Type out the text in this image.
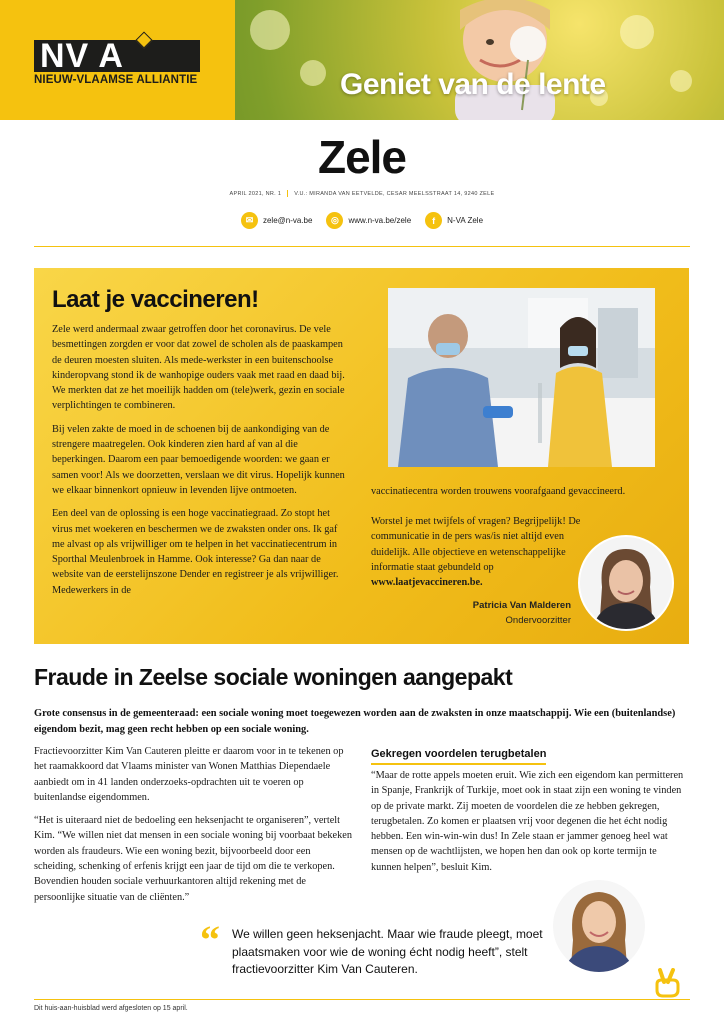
NV A
NIEUW-VLAAMSE ALLIANTIE	Geniet van de lente
Zele
APRIL 2021, NR. 1 V.U.: MIRANDA VAN EETVELDE, CESAR MEELSSTRAAT 14, 9240 ZELE
✉	zele@n-va.be	◎	www.n-va.be/zele	f	N-VA Zele
Laat je vaccineren!

Zele werd andermaal zwaar getroffen door het coronavirus. De vele besmettingen zorgden er voor dat zowel de scholen als de paaskampen de deuren moesten sluiten. Als mede-werkster in een buitenschoolse kinderopvang stond ik de wanhopige ouders vaak met raad en daad bij. We merkten dat ze het moeilijk hadden om (tele)werk, gezin en sociale verplichtingen te combineren.

Bij velen zakte de moed in de schoenen bij de aankondiging van de strengere maatregelen. Ook kinderen zien hard af van al die beperkingen. Daarom een paar bemoedigende woorden: we gaan er samen voor! Als we doorzetten, verslaan we dit virus. Hopelijk kunnen we elkaar binnenkort opnieuw in levenden lijve ontmoeten.

Een deel van de oplossing is een hoge vaccinatiegraad. Zo stopt het virus met woekeren en beschermen we de zwaksten onder ons. Ik gaf me alvast op als vrijwilliger om te helpen in het vaccinatiecentrum in Sporthal Meulenbroek in Hamme. Ook interesse? Ga dan naar de website van de eerstelijnszone Dender en registreer je als vrijwilliger. Medewerkers in de

vaccinatiecentra worden trouwens voorafgaand gevaccineerd.
Worstel je met twijfels of vragen? Begrijpelijk! De communicatie in de pers was/is niet altijd even duidelijk. Alle objectieve en wetenschappelijke informatie staat gebundeld op www.laatjevaccineren.be.
Patricia Van Malderen
Ondervoorzitter
Fraude in Zeelse sociale woningen aangepakt
Grote consensus in de gemeenteraad: een sociale woning moet toegewezen worden aan de zwaksten in onze maatschappij. Wie een (buitenlandse) eigendom bezit, mag geen recht hebben op een sociale woning.

Fractievoorzitter Kim Van Cauteren pleitte er daarom voor in te tekenen op het raamakkoord dat Vlaams minister van Wonen Matthias Diependaele aanbiedt om in 41 landen onderzoeks-opdrachten uit te voeren op buitenlandse eigendommen.

“Het is uiteraard niet de bedoeling een heksenjacht te organiseren”, vertelt Kim. “We willen niet dat mensen in een sociale woning bij voorbaat bekeken worden als fraudeurs. Wie een woning bezit, bijvoorbeeld door een scheiding, schenking of erfenis krijgt een jaar de tijd om die te verkopen. Bovendien houden sociale verhuurkantoren altijd rekening met de persoonlijke situatie van de cliënten.”

Gekregen voordelen terugbetalen
“Maar de rotte appels moeten eruit. Wie zich een eigendom kan permitteren in Spanje, Frankrijk of Turkije, moet ook in staat zijn een woning te vinden op de private markt. Zij moeten de voordelen die ze hebben gekregen, terugbetalen. Zo komen er plaatsen vrij voor degenen die het écht nodig hebben. Een win-win-win dus! In Zele staan er jammer genoeg heel wat mensen op de wachtlijsten, we hopen hen dan ook op korte termijn te kunnen helpen”, besluit Kim.
“ We willen geen heksenjacht. Maar wie fraude pleegt, moet plaatsmaken voor wie de woning écht nodig heeft”, stelt fractievoorzitter Kim Van Cauteren.
Dit huis-aan-huisblad werd afgesloten op 15 april.
